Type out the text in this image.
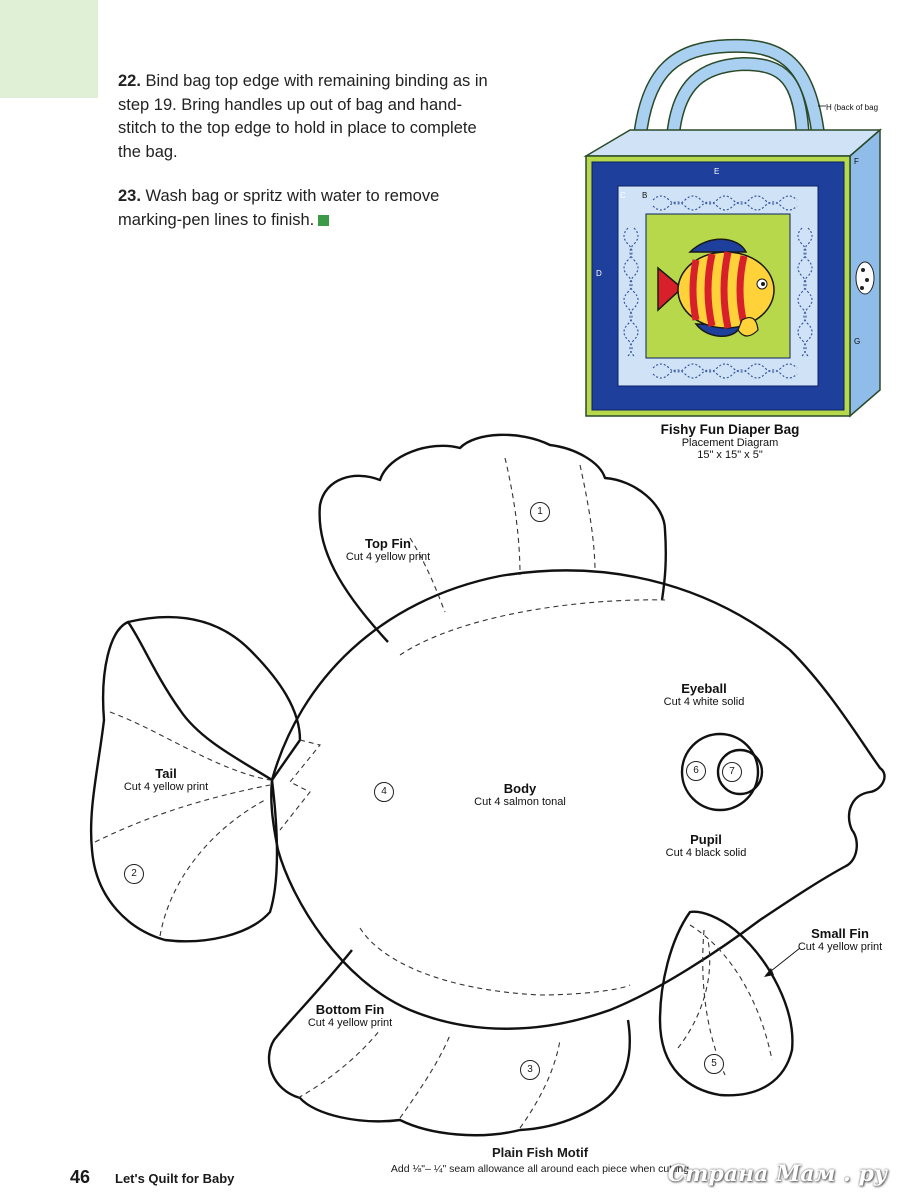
22. Bind bag top edge with remaining binding as in step 19. Bring handles up out of bag and hand-stitch to the top edge to hold in place to complete the bag.

23. Wash bag or spritz with water to remove marking-pen lines to finish.

E
C B
D
F
G
H (back of bag
Fishy Fun Diaper Bag
Placement Diagram
15" x 15" x 5"
Top Fin
Cut 4 yellow print
Tail
Cut 4 yellow print
Bottom Fin
Cut 4 yellow print
Body
Cut 4 salmon tonal
Small Fin
Cut 4 yellow print
Eyeball
Cut 4 white solid
Pupil
Cut 4 black solid
1
2
3
4
5
6	7
Plain Fish Motif
Add ⅛"– ¼" seam allowance all around each piece when cutting
46 Let's Quilt for Baby	Страна Мам . ру
